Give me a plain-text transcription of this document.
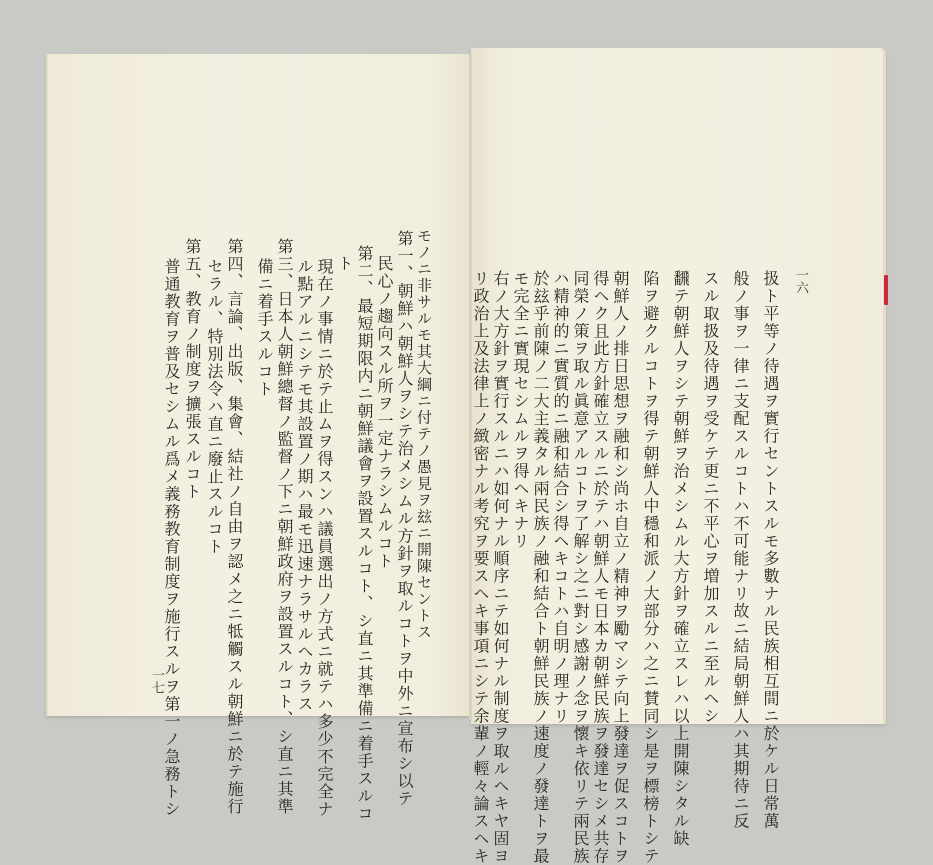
一六
扱ト平等ノ待遇ヲ實行セントスルモ多數ナル民族相互間ニ於ケル日常萬
般ノ事ヲ一律ニ支配スルコトハ不可能ナリ故ニ結局朝鮮人ハ其期待ニ反
スル取扱及待遇ヲ受ケテ更ニ不平心ヲ増加スルニ至ルヘシ
飜テ朝鮮人ヲシテ朝鮮ヲ治メシムル大方針ヲ確立スレハ以上開陳シタル缺
陷ヲ避クルコトヲ得テ朝鮮人中穩和派ノ大部分ハ之ニ賛同シ是ヲ標榜トシテ
朝鮮人ノ排日思想ヲ融和シ尚ホ自立ノ精神ヲ勵マシテ向上發達ヲ促スコトヲ
得ヘク且此方針確立スルニ於テハ朝鮮人モ日本カ朝鮮民族ヲ發達セシメ共存
同榮ノ策ヲ取ル眞意アルコトヲ了解シ之ニ對シ感謝ノ念ヲ懷キ依リテ兩民族
ハ精神的ニ實質的ニ融和結合シ得ヘキコトハ自明ノ理ナリ
於玆乎前陳ノ二大主義タル兩民族ノ融和結合ト朝鮮民族ノ速度ノ發達トヲ最
モ完全ニ實現セシムルヲ得ヘキナリ
右ノ大方針ヲ實行スルニハ如何ナル順序ニテ如何ナル制度ヲ取ルヘキヤ固ヨ
リ政治上及法律上ノ緻密ナル考究ヲ要スヘキ事項ニシテ余輩ノ輕々論スヘキ
モノニ非サルモ其大綱ニ付テノ愚見ヲ玆ニ開陳セントス
第一、朝鮮ハ朝鮮人ヲシテ治メシムル方針ヲ取ルコトヲ中外ニ宣布シ以テ
民心ノ趨向スル所ヲ一定ナラシムルコト
第二、最短期限内ニ朝鮮議會ヲ設置スルコト、シ直ニ其準備ニ着手スルコ
ト
現在ノ事情ニ於テ止ムヲ得スンハ議員選出ノ方式ニ就テハ多少不完全ナ
ル點アルニシテモ其設置ノ期ハ最モ迅速ナラサルヘカラス
第三、日本人朝鮮總督ノ監督ノ下ニ朝鮮政府ヲ設置スルコト、シ直ニ其準
備ニ着手スルコト
第四、言論、出版、集會、結社ノ自由ヲ認メ之ニ牴觸スル朝鮮ニ於テ施行
セラル、特別法令ハ直ニ廢止スルコト
第五、教育ノ制度ヲ擴張スルコト
普通教育ヲ普及セシムル爲メ義務教育制度ヲ施行スルヲ第一ノ急務トシ
一七
